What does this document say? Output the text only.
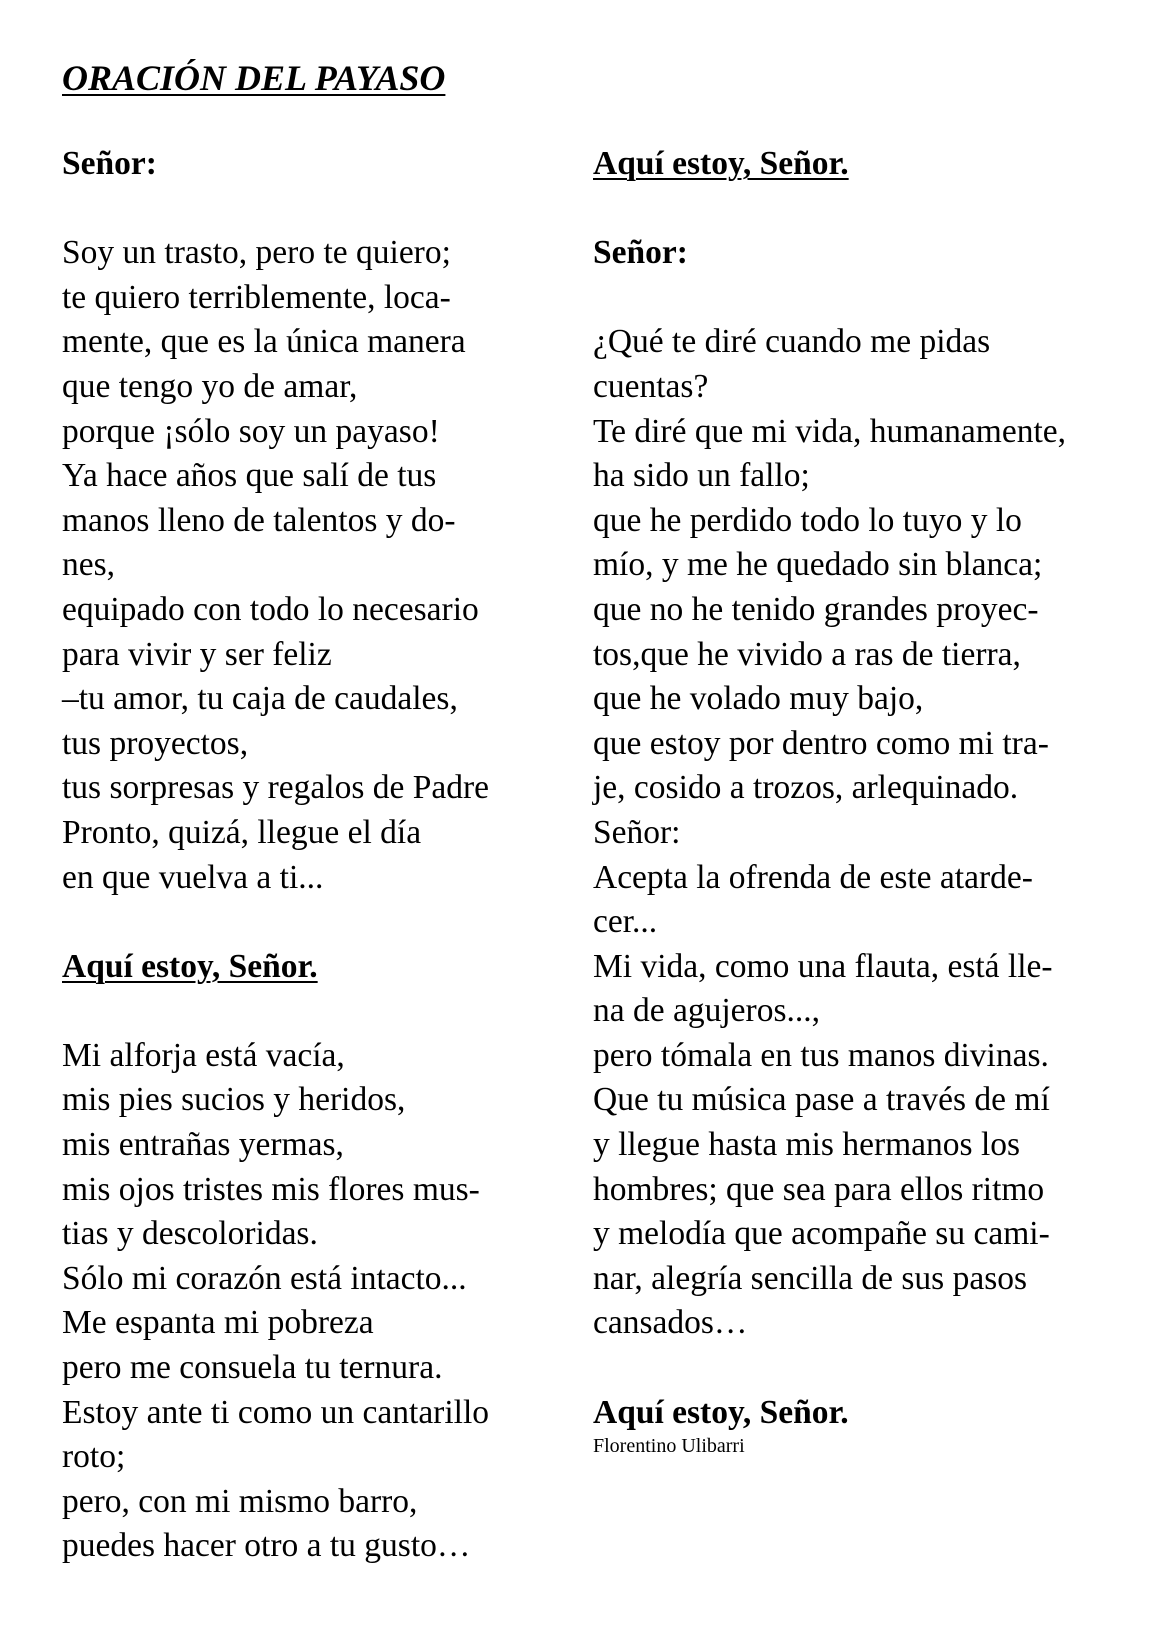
ORACIÓN DEL PAYASO
Señor:
Soy un trasto, pero te quiero;
te quiero terriblemente, loca-
mente, que es la única manera
que tengo yo de amar,
porque ¡sólo soy un payaso!
Ya hace años que salí de tus
manos lleno de talentos y do-
nes,
equipado con todo lo necesario
para vivir y ser feliz
–tu amor, tu caja de caudales,
tus proyectos,
tus sorpresas y regalos de Padre
Pronto, quizá, llegue el día
en que vuelva a ti...
Aquí estoy, Señor.
Mi alforja está vacía,
mis pies sucios y heridos,
mis entrañas yermas,
mis ojos tristes mis flores mus-
tias y descoloridas.
Sólo mi corazón está intacto...
Me espanta mi pobreza
pero me consuela tu ternura.
Estoy ante ti como un cantarillo
roto;
pero, con mi mismo barro,
puedes hacer otro a tu gusto…
Aquí estoy, Señor.
Señor:
¿Qué te diré cuando me pidas
cuentas?
Te diré que mi vida, humanamente,
ha sido un fallo;
que he perdido todo lo tuyo y lo
mío, y me he quedado sin blanca;
que no he tenido grandes proyec-
tos,que he vivido a ras de tierra,
que he volado muy bajo,
que estoy por dentro como mi tra-
je, cosido a trozos, arlequinado.
Señor:
Acepta la ofrenda de este atarde-
cer...
Mi vida, como una flauta, está lle-
na de agujeros...,
pero tómala en tus manos divinas.
Que tu música pase a través de mí
y llegue hasta mis hermanos los
hombres; que sea para ellos ritmo
y melodía que acompañe su cami-
nar, alegría sencilla de sus pasos
cansados…
Aquí estoy, Señor.
Florentino Ulibarri
